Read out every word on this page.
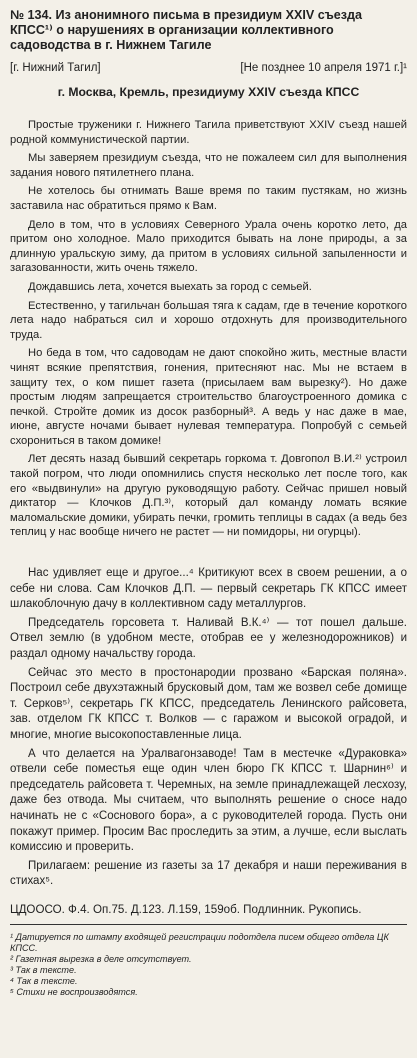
№ 134. Из анонимного письма в президиум XXIV съезда КПСС¹⁾ о нарушениях в организации коллективного садоводства в г. Нижнем Тагиле
[г. Нижний Тагил]	[Не позднее 10 апреля 1971 г.]¹
г. Москва, Кремль, президиуму XXIV съезда КПСС

Простые труженики г. Нижнего Тагила приветствуют XXIV съезд нашей родной коммунистической партии.

Мы заверяем президиум съезда, что не пожалеем сил для выполнения задания нового пятилетнего плана.

Не хотелось бы отнимать Ваше время по таким пустякам, но жизнь заставила нас обратиться прямо к Вам.

Дело в том, что в условиях Северного Урала очень коротко лето, да притом оно холодное. Мало приходится бывать на лоне природы, а за длинную уральскую зиму, да притом в условиях сильной запыленности и загазованности, жить очень тяжело.

Дождавшись лета, хочется выехать за город с семьей.

Естественно, у тагильчан большая тяга к садам, где в течение короткого лета надо набраться сил и хорошо отдохнуть для производительного труда.

Но беда в том, что садоводам не дают спокойно жить, местные власти чинят всякие препятствия, гонения, притесняют нас. Мы не встаем в защиту тех, о ком пишет газета (присылаем вам вырезку²). Но даже простым людям запрещается строительство благоустроенного домика с печкой. Стройте домик из досок разборный³. А ведь у нас даже в мае, июне, августе ночами бывает нулевая температура. Попробуй с семьей схорониться в таком домике!

Лет десять назад бывший секретарь горкома т. Довгопол В.И.²⁾ устроил такой погром, что люди опомнились спустя несколько лет после того, как его «выдвинули» на другую руководящую работу. Сейчас пришел новый диктатор — Клочков Д.П.³⁾, который дал команду ломать всякие маломальские домики, убирать печки, громить теплицы в садах (а ведь без теплиц у нас вообще ничего не растет — ни помидоры, ни огурцы).

Нас удивляет еще и другое...⁴ Критикуют всех в своем решении, а о себе ни слова. Сам Клочков Д.П. — первый секретарь ГК КПСС имеет шлакоблочную дачу в коллективном саду металлургов.

Председатель горсовета т. Наливай В.К.⁴⁾ — тот пошел дальше. Отвел землю (в удобном месте, отобрав ее у железнодорожников) и раздал одному начальству города.

Сейчас это место в простонародии прозвано «Барская поляна». Построил себе двухэтажный брусковый дом, там же возвел себе домище т. Серков⁵⁾, секретарь ГК КПСС, председатель Ленинского райсовета, зав. отделом ГК КПСС т. Волков — с гаражом и высокой оградой, и многие, многие высокопоставленные лица.

А что делается на Уралвагонзаводе! Там в местечке «Дураковка» отвели себе поместья еще один член бюро ГК КПСС т. Шарнин⁶⁾ и председатель райсовета т. Черемных, на земле принадлежащей лесхозу, даже без отвода. Мы считаем, что выполнять решение о сносе надо начинать не с «Соснового бора», а с руководителей города. Пусть они покажут пример. Просим Вас проследить за этим, а лучше, если выслать комиссию и проверить.

Прилагаем: решение из газеты за 17 декабря и наши переживания в стихах⁵.

ЦДООСО. Ф.4. Оп.75. Д.123. Л.159, 159об. Подлинник. Рукопись.

¹ Датируется по штампу входящей регистрации подотдела писем общего отдела ЦК КПСС.

² Газетная вырезка в деле отсутствует.

³ Так в тексте.

⁴ Так в тексте.

⁵ Стихи не воспроизводятся.
